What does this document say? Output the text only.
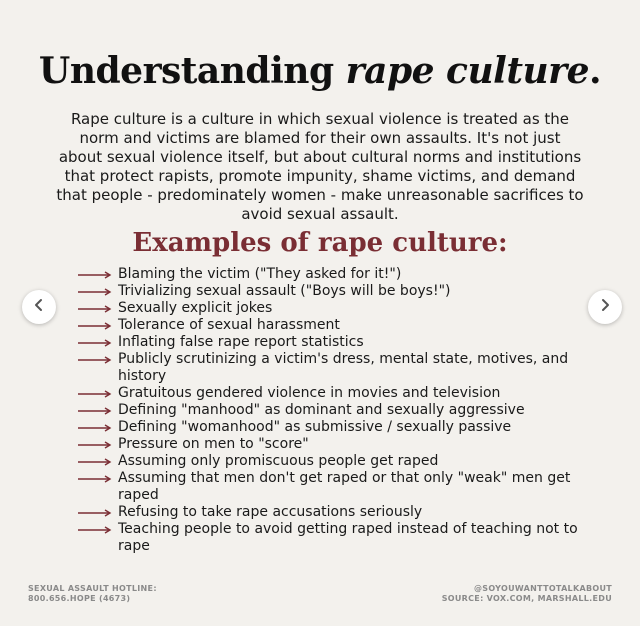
Understanding rape culture.
Rape culture is a culture in which sexual violence is treated as the norm and victims are blamed for their own assaults. It's not just about sexual violence itself, but about cultural norms and institutions that protect rapists, promote impunity, shame victims, and demand that people - predominately women - make unreasonable sacrifices to avoid sexual assault.
Examples of rape culture:
Blaming the victim ("They asked for it!")
Trivializing sexual assault ("Boys will be boys!")
Sexually explicit jokes
Tolerance of sexual harassment
Inflating false rape report statistics
Publicly scrutinizing a victim's dress, mental state, motives, and history
Gratuitous gendered violence in movies and television
Defining "manhood" as dominant and sexually aggressive
Defining "womanhood" as submissive / sexually passive
Pressure on men to "score"
Assuming only promiscuous people get raped
Assuming that men don't get raped or that only "weak" men get raped
Refusing to take rape accusations seriously
Teaching people to avoid getting raped instead of teaching not to rape
SEXUAL ASSAULT HOTLINE:
800.656.HOPE (4673)
@SOYOUWANTTOTALKABOUT
SOURCE: VOX.COM, MARSHALL.EDU
